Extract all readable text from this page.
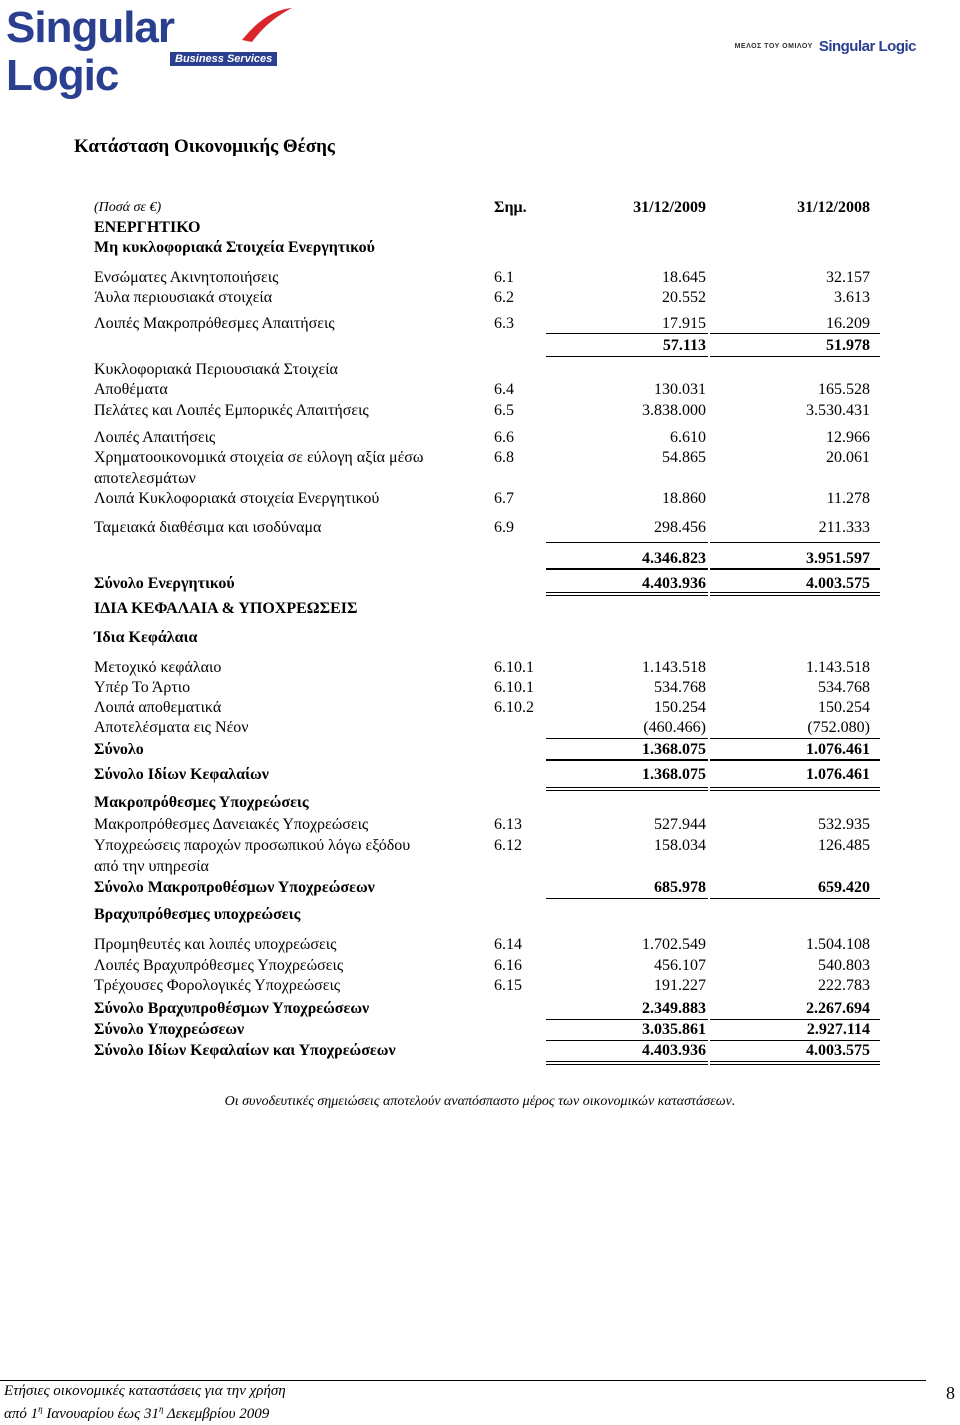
Singular Logic	Business Services
ΜΕΛΟΣ ΤΟΥ ΟΜΙΛΟΥ Singular Logic
Κατάσταση Οικονομικής Θέσης
(Ποσά σε €)	Σημ.	31/12/2009	31/12/2008
ΕΝΕΡΓΗΤΙΚΟ
Μη κυκλοφοριακά Στοιχεία Ενεργητικού
Ενσώματες Ακινητοποιήσεις	6.1	18.645	32.157
Άυλα περιουσιακά στοιχεία	6.2	20.552	3.613
Λοιπές Μακροπρόθεσμες Απαιτήσεις	6.3	17.915	16.209
57.113	51.978
Κυκλοφοριακά Περιουσιακά Στοιχεία
Αποθέματα	6.4	130.031	165.528
Πελάτες και Λοιπές Εμπορικές Απαιτήσεις	6.5	3.838.000	3.530.431
Λοιπές Απαιτήσεις	6.6	6.610	12.966
Χρηματοοικονομικά στοιχεία σε εύλογη αξία μέσω	6.8	54.865	20.061
αποτελεσμάτων
Λοιπά Κυκλοφοριακά στοιχεία Ενεργητικού	6.7	18.860	11.278
Ταμειακά διαθέσιμα και ισοδύναμα	6.9	298.456	211.333
4.346.823	3.951.597
Σύνολο Ενεργητικού	4.403.936	4.003.575
ΙΔΙΑ ΚΕΦΑΛΑΙΑ & ΥΠΟΧΡΕΩΣΕΙΣ
Ίδια Κεφάλαια
Μετοχικό κεφάλαιο	6.10.1	1.143.518	1.143.518
Υπέρ Το Άρτιο	6.10.1	534.768	534.768
Λοιπά αποθεματικά	6.10.2	150.254	150.254
Αποτελέσματα εις Νέον	(460.466)	(752.080)
Σύνολο	1.368.075	1.076.461
Σύνολο Ιδίων Κεφαλαίων	1.368.075	1.076.461
Μακροπρόθεσμες Υποχρεώσεις
Μακροπρόθεσμες Δανειακές Υποχρεώσεις	6.13	527.944	532.935
Υποχρεώσεις παροχών προσωπικού λόγω εξόδου	6.12	158.034	126.485
από την υπηρεσία
Σύνολο Μακροπροθέσμων Υποχρεώσεων	685.978	659.420
Βραχυπρόθεσμες υποχρεώσεις
Προμηθευτές και λοιπές υποχρεώσεις	6.14	1.702.549	1.504.108
Λοιπές Βραχυπρόθεσμες Υποχρεώσεις	6.16	456.107	540.803
Τρέχουσες Φορολογικές Υποχρεώσεις	6.15	191.227	222.783
Σύνολο Βραχυπροθέσμων Υποχρεώσεων	2.349.883	2.267.694
Σύνολο Υποχρεώσεων	3.035.861	2.927.114
Σύνολο Ιδίων Κεφαλαίων και Υποχρεώσεων	4.403.936	4.003.575
Οι συνοδευτικές σημειώσεις αποτελούν αναπόσπαστο μέρος των οικονομικών καταστάσεων.
Ετήσιες οικονομικές καταστάσεις για την χρήση
από $1^\eta$ Ιανουαρίου έως $31^\eta$ Δεκεμβρίου 2009
8
